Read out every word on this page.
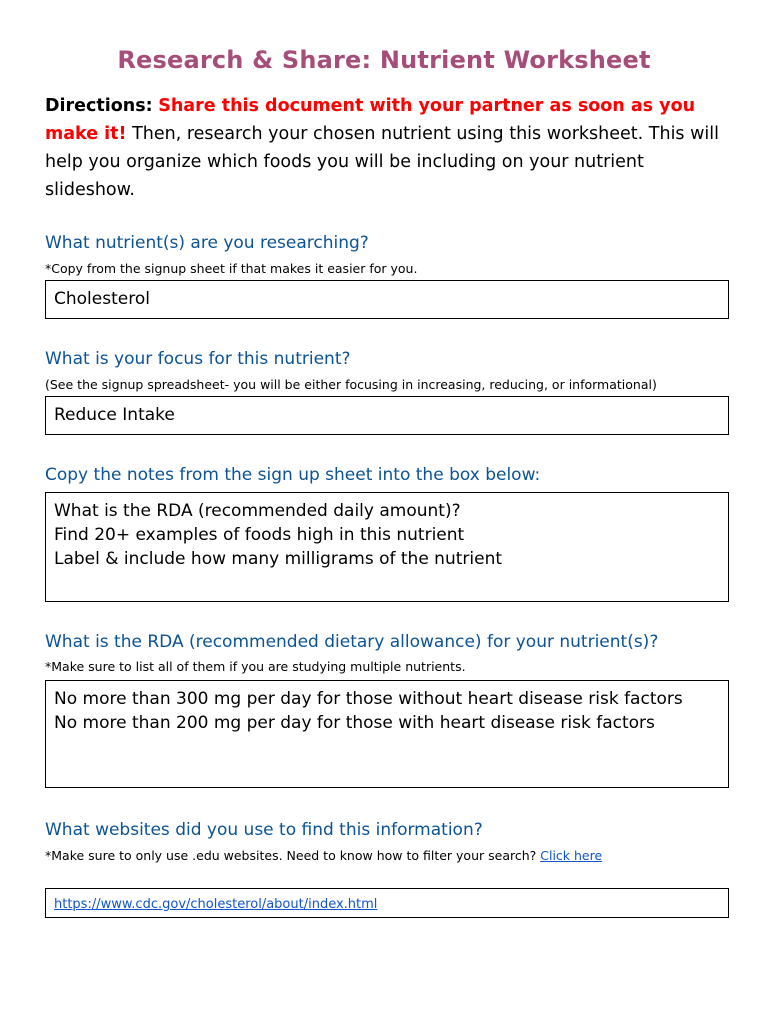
Research & Share: Nutrient Worksheet
Directions: Share this document with your partner as soon as you make it! Then, research your chosen nutrient using this worksheet. This will help you organize which foods you will be including on your nutrient slideshow.
What nutrient(s) are you researching?
*Copy from the signup sheet if that makes it easier for you.
Cholesterol
What is your focus for this nutrient?
(See the signup spreadsheet- you will be either focusing in increasing, reducing, or informational)
Reduce Intake
Copy the notes from the sign up sheet into the box below:
What is the RDA (recommended daily amount)?
Find 20+ examples of foods high in this nutrient
Label & include how many milligrams of the nutrient
What is the RDA (recommended dietary allowance) for your nutrient(s)?
*Make sure to list all of them if you are studying multiple nutrients.
No more than 300 mg per day for those without heart disease risk factors
No more than 200 mg per day for those with heart disease risk factors
What websites did you use to find this information?
*Make sure to only use .edu websites. Need to know how to filter your search? Click here
https://www.cdc.gov/cholesterol/about/index.html
